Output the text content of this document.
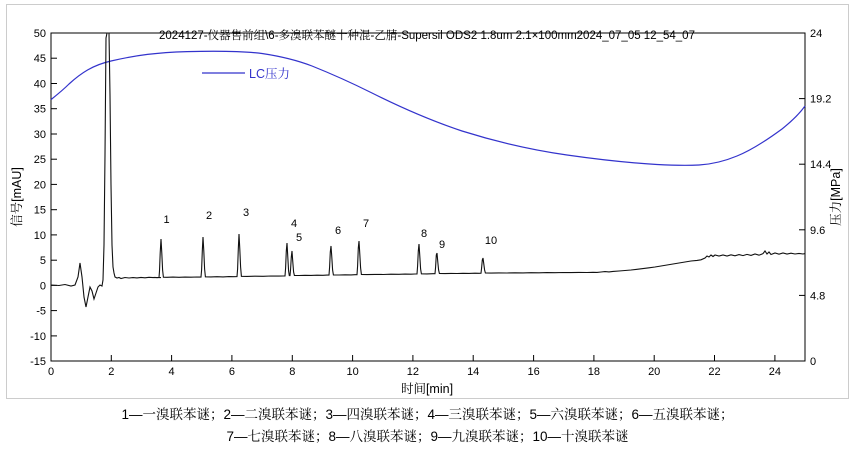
50
45
40
35
30
25
20
15
10
5
0
-5
-10
-15
24
19.2
14.4
9.6
4.8
0
0	2	4	6	8	10	12	14	16	18	20	22	24
时间[min]
信号[mAU]	压力[MPa]
2024127-仪器售前组\6-多溴联苯醚十种混-乙腈-Supersil ODS2 1.8um 2.1×100mm2024_07_05 12_54_07
LC压力
1	2	3
4
5
6
7
8
9	10
1—一溴联苯谜；2—二溴联苯谜；3—四溴联苯谜；4—三溴联苯谜；5—六溴联苯谜；6—五溴联苯谜；
7—七溴联苯谜；8—八溴联苯谜；9—九溴联苯谜；10—十溴联苯谜
